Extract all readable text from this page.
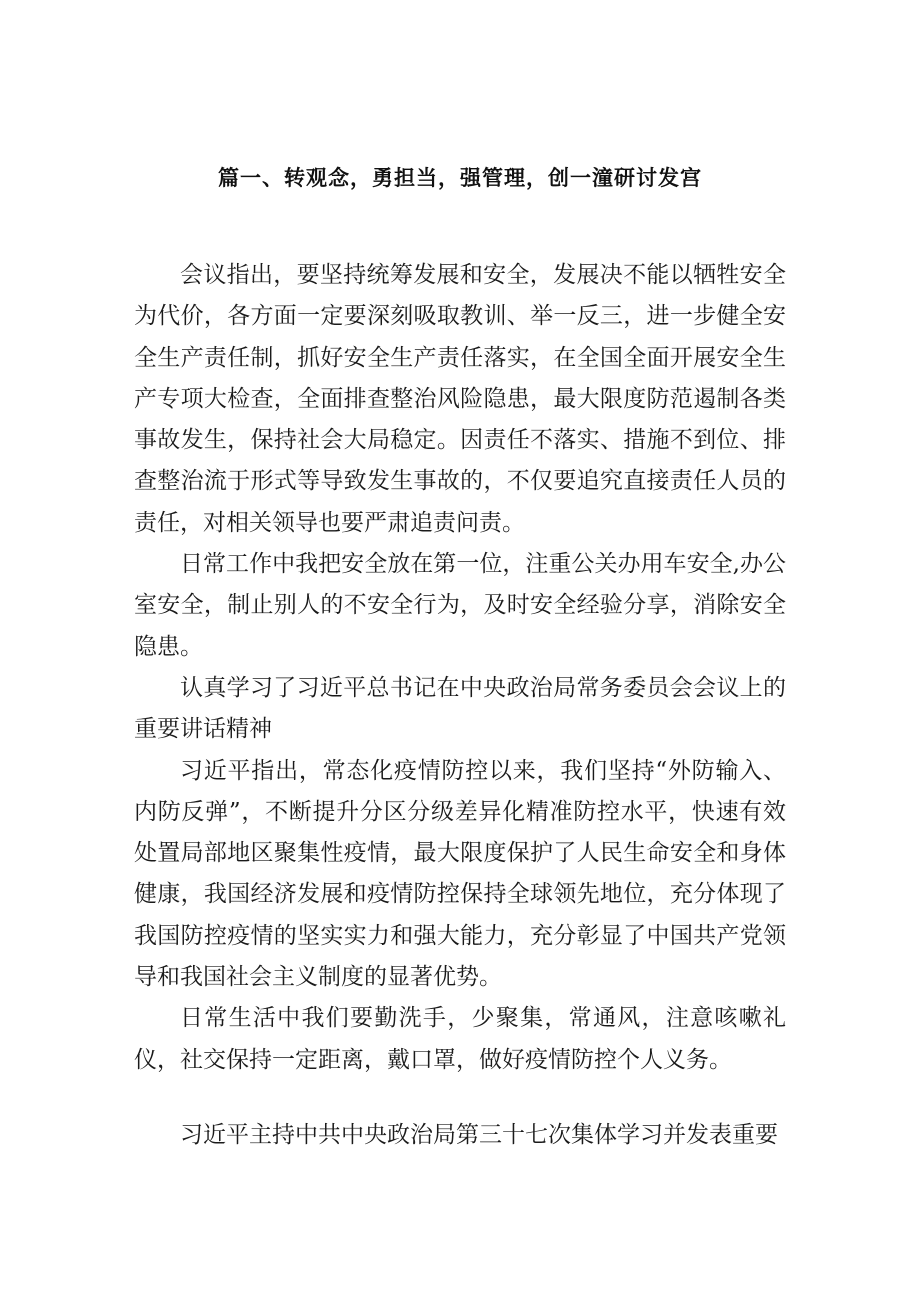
篇一、转观念，勇担当，强管理，创一潼研讨发宫

会议指出，要坚持统筹发展和安全，发展决不能以牺牲安全为代价，各方面一定要深刻吸取教训、举一反三，进一步健全安全生产责任制，抓好安全生产责任落实，在全国全面开展安全生产专项大检查，全面排查整治风险隐患，最大限度防范遏制各类事故发生，保持社会大局稳定。因责任不落实、措施不到位、排查整治流于形式等导致发生事故的，不仅要追究直接责任人员的责任，对相关领导也要严肃追责问责。

日常工作中我把安全放在第一位，注重公关办用车安全,办公室安全，制止别人的不安全行为，及时安全经验分享，消除安全隐患。

认真学习了习近平总书记在中央政治局常务委员会会议上的重要讲话精神

习近平指出，常态化疫情防控以来，我们坚持“外防输入、内防反弹”，不断提升分区分级差异化精准防控水平，快速有效处置局部地区聚集性疫情，最大限度保护了人民生命安全和身体健康，我国经济发展和疫情防控保持全球领先地位，充分体现了我国防控疫情的坚实实力和强大能力，充分彰显了中国共产党领导和我国社会主义制度的显著优势。

日常生活中我们要勤洗手，少聚集，常通风，注意咳嗽礼仪，社交保持一定距离，戴口罩，做好疫情防控个人义务。

习近平主持中共中央政治局第三十七次集体学习并发表重要
